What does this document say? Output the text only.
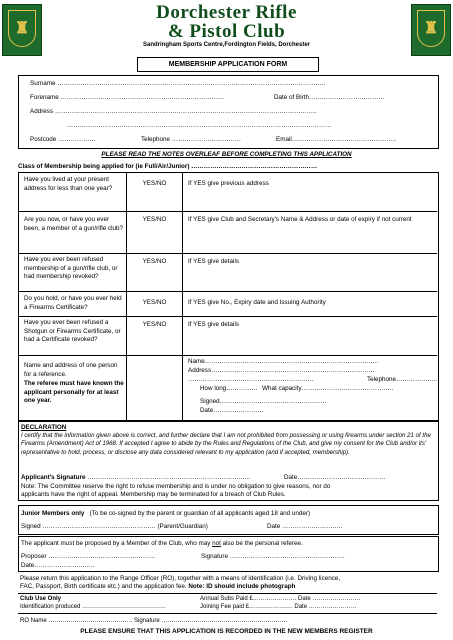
♜	♜
Dorchester Rifle
& Pistol Club
Sandringham Sports Centre,Fordington Fields, Dorchester
MEMBERSHIP APPLICATION FORM
Surname ………………………………………………………………………………………………………………..
Forename ……………………………………………………………………	Date of Birth………………………………
Address ……………………………………………………………………………………………………………..
………………………………………………………………………………………………………………
Postcode ………………	Telephone ……………………………	Email…………………………………………..
PLEASE READ THE NOTES OVERLEAF BEFORE COMPLETING THIS APPLICATION
Class of Membership being applied for (ie Full/Air/Junior) ……………………………………………………
Have you lived at your present address for less than one year?
YES/NO	If YES give previous address
Are you now, or have you ever been, a member of a gun/rifle club?
YES/NO	If YES give Club and Secretary's Name & Address or date of expiry if not current
Have you ever been refused membership of a gun/rifle club, or had membership revoked?
YES/NO	If YES give details
Do you hold, or have you ever held a Firearms Certificate?
YES/NO	If YES give No., Expiry date and Issuing Authority
Have you ever been refused a Shotgun or Firearms Certificate, or had a Certificate revoked?
YES/NO	If YES give details
Name and address of one person for a reference.
The referee must have known the applicant personally for at least one year.
Name………………………………………………………………………..
Address……………………………………………………………………
……………………………………………………	Telephone………………..
How long…………… What capacity……………………………………..
Signed……………………………………………
Date……………………
DECLARATION
I certify that the information given above is correct, and further declare that I am not prohibited from possessing or using firearms under section 21 of the Firearms (Amendment) Act of 1968. If accepted I agree to abide by the Rules and Regulations of the Club, and give my consent for the Club and/or its' representative to hold, process, or disclose any data considered relevant to my application (and if accepted, membership).
Applicant's Signature ……………………………………………………………………	Date……………………………………
Note: The Committee reserve the right to refuse membership and is under no obligation to give reasons, nor do
applicants have the right of appeal. Membership may be terminated for a breach of Club Rules.
Junior Members only (To be co-signed by the parent or guardian of all applicants aged 18 and under)
Signed ……………………………………………… (Parent/Guardian)	Date ………………………..
The applicant must be proposed by a Member of the Club, who may not also be the personal referee.
Proposer ……………………………………………	Signature ……………………………………………….
Date………………………..
Please return this application to the Range Officer (RO), together with a means of identification (i.e. Driving licence,
FAC, Passport, Birth certificate etc.) and the application fee. Note: ID should include photograph
Club Use Only
Identification produced ……………………………………
Annual Subs Paid £…………………. Date ……………………
Joining Fee paid £…………………. Date ……………………
RO Name …………………………………… Signature ………………………………………………………
PLEASE ENSURE THAT THIS APPLICATION IS RECORDED IN THE NEW MEMBERS REGISTER
